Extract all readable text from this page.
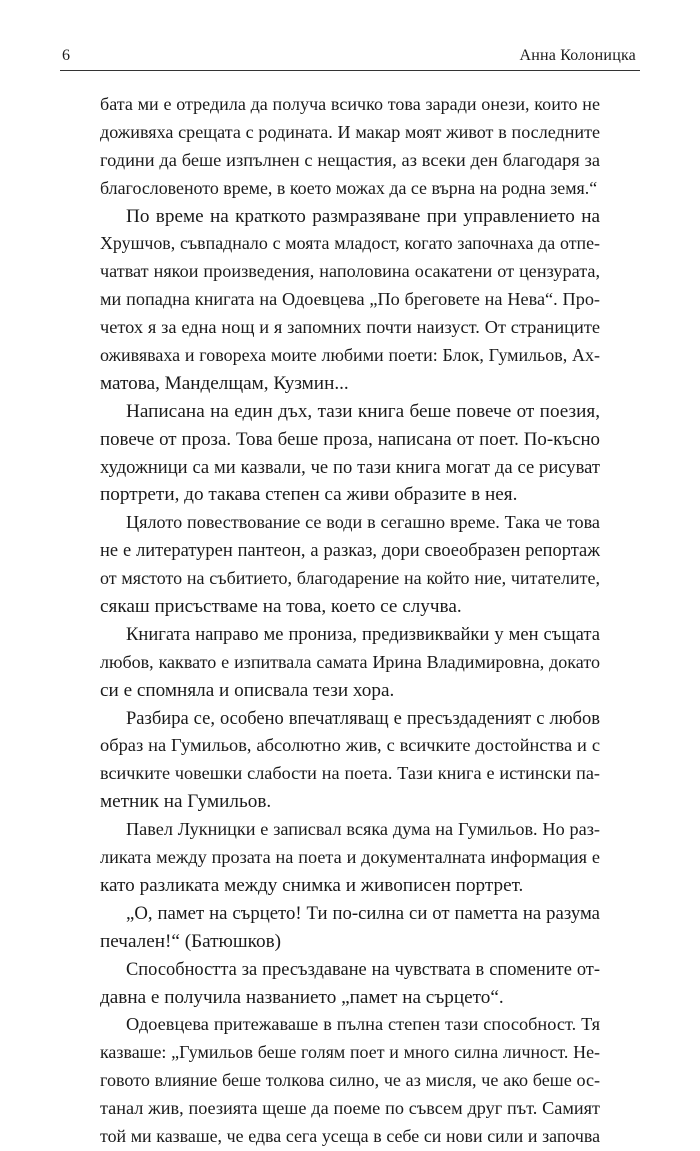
6	Анна Колоницка
бата ми е отредила да получа всичко това заради онези, които не
доживяха срещата с родината. И макар моят живот в последните
години да беше изпълнен с нещастия, аз всеки ден благодаря за
благословеното време, в което можах да се върна на родна земя.“
По време на краткото размразяване при управлението на
Хрушчов, съвпаднало с моята младост, когато започнаха да отпе-
чатват някои произведения, наполовина осакатени от цензурата,
ми попадна книгата на Одоевцева „По бреговете на Нева“. Про-
четох я за една нощ и я запомних почти наизуст. От страниците
оживяваха и говореха моите любими поети: Блок, Гумильов, Ах-
матова, Манделщам, Кузмин...
Написана на един дъх, тази книга беше повече от поезия,
повече от проза. Това беше проза, написана от поет. По-късно
художници са ми казвали, че по тази книга могат да се рисуват
портрети, до такава степен са живи образите в нея.
Цялото повествование се води в сегашно време. Така че това
не е литературен пантеон, а разказ, дори своеобразен репортаж
от мястото на събитието, благодарение на който ние, читателите,
сякаш присъстваме на това, което се случва.
Книгата направо ме прониза, предизвиквайки у мен същата
любов, каквато е изпитвала самата Ирина Владимировна, докато
си е спомняла и описвала тези хора.
Разбира се, особено впечатляващ е пресъздаденият с любов
образ на Гумильов, абсолютно жив, с всичките достойнства и с
всичките човешки слабости на поета. Тази книга е истински па-
метник на Гумильов.
Павел Лукницки е записвал всяка дума на Гумильов. Но раз-
ликата между прозата на поета и документалната информация е
като разликата между снимка и живописен портрет.
„О, памет на сърцето! Ти по-силна си от паметта на разума
печален!“ (Батюшков)
Способността за пресъздаване на чувствата в спомените от-
давна е получила названието „памет на сърцето“.
Одоевцева притежаваше в пълна степен тази способност. Тя
казваше: „Гумильов беше голям поет и много силна личност. Не-
говото влияние беше толкова силно, че аз мисля, че ако беше ос-
танал жив, поезията щеше да поеме по съвсем друг път. Самият
той ми казваше, че едва сега усеща в себе си нови сили и започва
